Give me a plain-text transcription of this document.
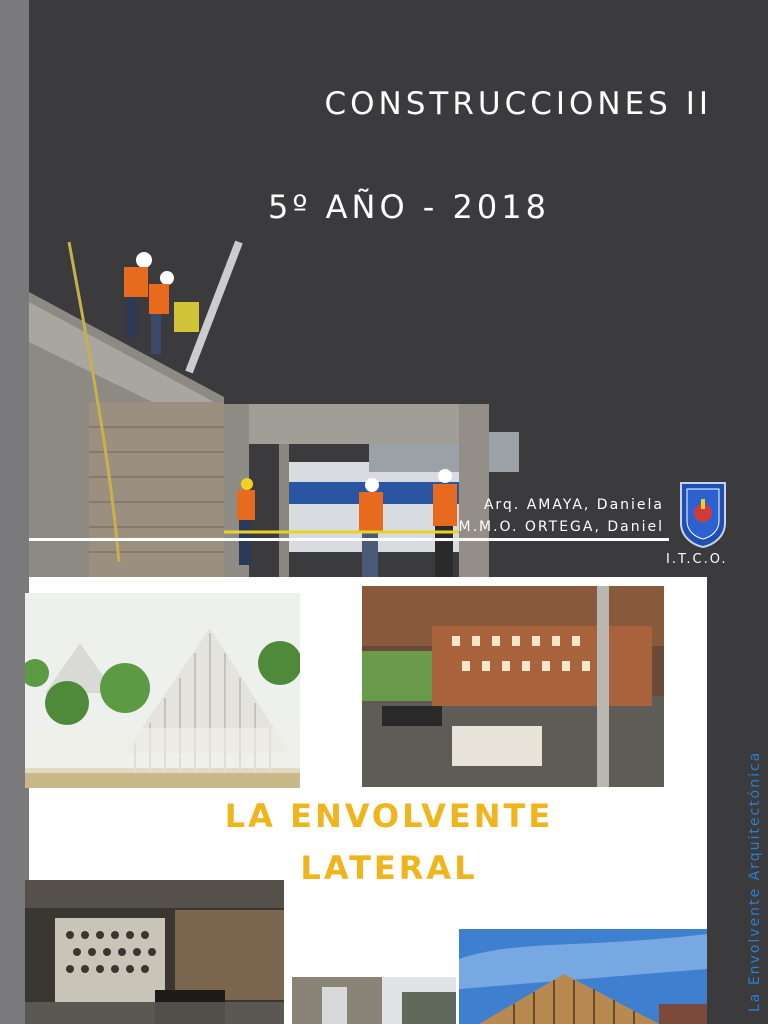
CONSTRUCCIONES II
5º AÑO - 2018
Arq. AMAYA, Daniela
M.M.O. ORTEGA, Daniel
I.T.C.O.
La Envolvente Arquitectónica
LA ENVOLVENTE
LATERAL
